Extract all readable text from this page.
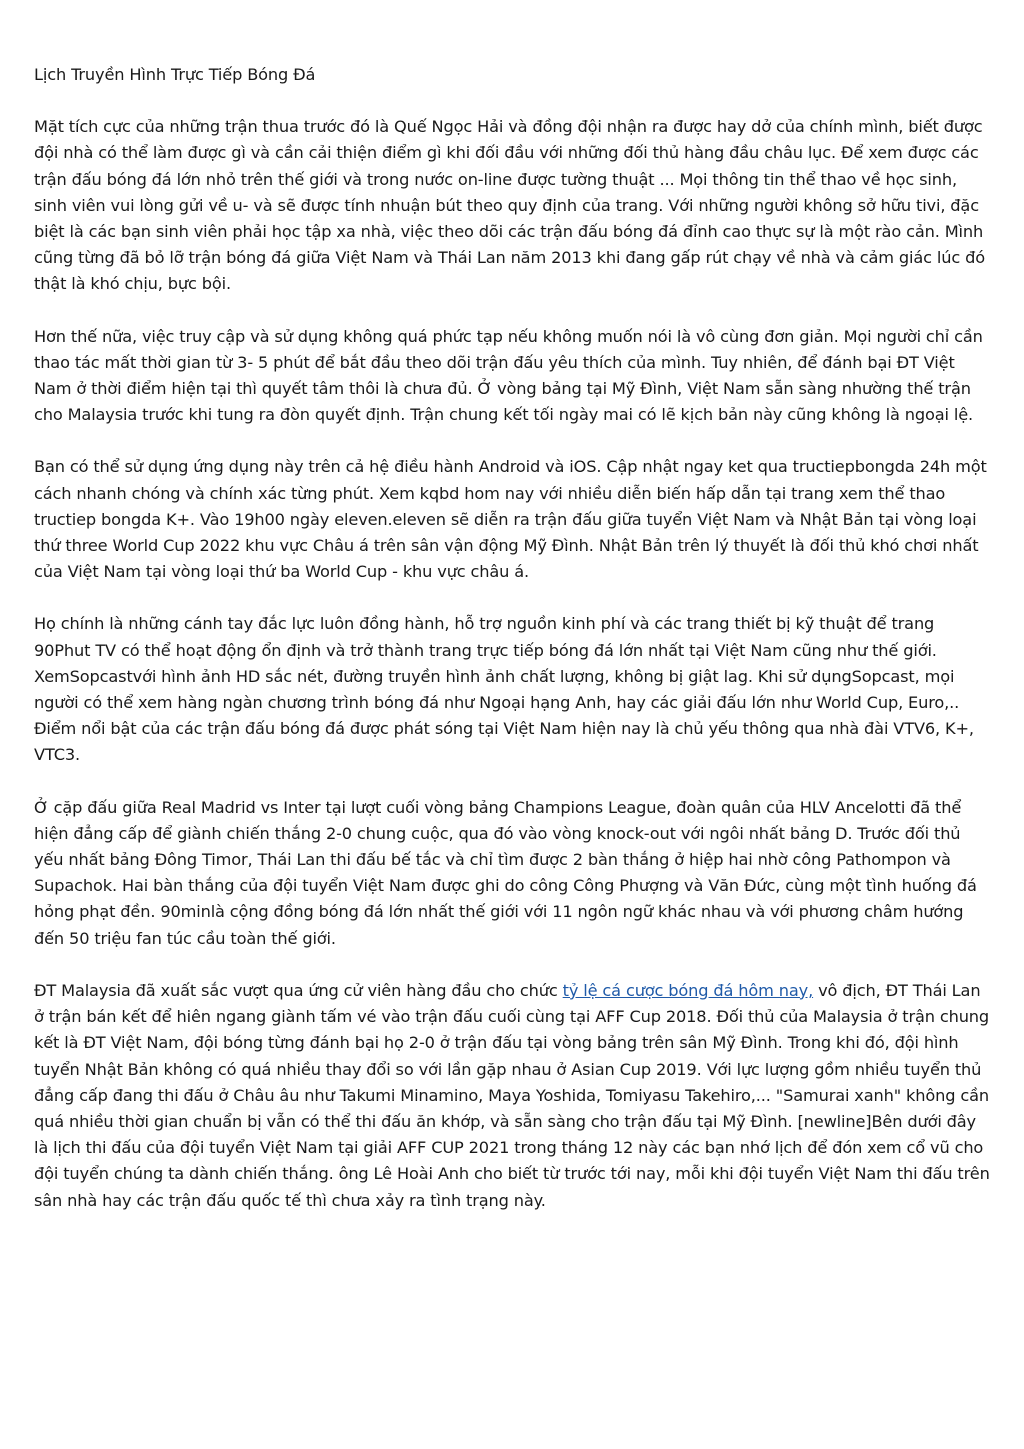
Lịch Truyền Hình Trực Tiếp Bóng Đá

Mặt tích cực của những trận thua trước đó là Quế Ngọc Hải và đồng đội nhận ra được hay dở của chính mình, biết được đội nhà có thể làm được gì và cần cải thiện điểm gì khi đối đầu với những đối thủ hàng đầu châu lục. Để xem được các trận đấu bóng đá lớn nhỏ trên thế giới và trong nước on-line được tường thuật ... Mọi thông tin thể thao về học sinh, sinh viên vui lòng gửi về u- và sẽ được tính nhuận bút theo quy định của trang. Với những người không sở hữu tivi, đặc biệt là các bạn sinh viên phải học tập xa nhà, việc theo dõi các trận đấu bóng đá đỉnh cao thực sự là một rào cản. Mình cũng từng đã bỏ lỡ trận bóng đá giữa Việt Nam và Thái Lan năm 2013 khi đang gấp rút chạy về nhà và cảm giác lúc đó thật là khó chịu, bực bội.

Hơn thế nữa, việc truy cập và sử dụng không quá phức tạp nếu không muốn nói là vô cùng đơn giản. Mọi người chỉ cần thao tác mất thời gian từ 3- 5 phút để bắt đầu theo dõi trận đấu yêu thích của mình. Tuy nhiên, để đánh bại ĐT Việt Nam ở thời điểm hiện tại thì quyết tâm thôi là chưa đủ. Ở vòng bảng tại Mỹ Đình, Việt Nam sẵn sàng nhường thế trận cho Malaysia trước khi tung ra đòn quyết định. Trận chung kết tối ngày mai có lẽ kịch bản này cũng không là ngoại lệ.

Bạn có thể sử dụng ứng dụng này trên cả hệ điều hành Android và iOS. Cập nhật ngay ket qua tructiepbongda 24h một cách nhanh chóng và chính xác từng phút. Xem kqbd hom nay với nhiều diễn biến hấp dẫn tại trang xem thể thao tructiep bongda K+. Vào 19h00 ngày eleven.eleven sẽ diễn ra trận đấu giữa tuyển Việt Nam và Nhật Bản tại vòng loại thứ three World Cup 2022 khu vực Châu á trên sân vận động Mỹ Đình. Nhật Bản trên lý thuyết là đối thủ khó chơi nhất của Việt Nam tại vòng loại thứ ba World Cup - khu vực châu á.

Họ chính là những cánh tay đắc lực luôn đồng hành, hỗ trợ nguồn kinh phí và các trang thiết bị kỹ thuật để trang 90Phut TV có thể hoạt động ổn định và trở thành trang trực tiếp bóng đá lớn nhất tại Việt Nam cũng như thế giới. XemSopcastvới hình ảnh HD sắc nét, đường truyền hình ảnh chất lượng, không bị giật lag. Khi sử dụngSopcast, mọi người có thể xem hàng ngàn chương trình bóng đá như Ngoại hạng Anh, hay các giải đấu lớn như World Cup, Euro,.. Điểm nổi bật của các trận đấu bóng đá được phát sóng tại Việt Nam hiện nay là chủ yếu thông qua nhà đài VTV6, K+, VTC3.

Ở cặp đấu giữa Real Madrid vs Inter tại lượt cuối vòng bảng Champions League, đoàn quân của HLV Ancelotti đã thể hiện đẳng cấp để giành chiến thắng 2-0 chung cuộc, qua đó vào vòng knock-out với ngôi nhất bảng D. Trước đối thủ yếu nhất bảng Đông Timor, Thái Lan thi đấu bế tắc và chỉ tìm được 2 bàn thắng ở hiệp hai nhờ công Pathompon và Supachok. Hai bàn thắng của đội tuyển Việt Nam được ghi do công Công Phượng và Văn Đức, cùng một tình huống đá hỏng phạt đền. 90minlà cộng đồng bóng đá lớn nhất thế giới với 11 ngôn ngữ khác nhau và với phương châm hướng đến 50 triệu fan túc cầu toàn thế giới.

ĐT Malaysia đã xuất sắc vượt qua ứng cử viên hàng đầu cho chức tỷ lệ cá cược bóng đá hôm nay, vô địch, ĐT Thái Lan ở trận bán kết để hiên ngang giành tấm vé vào trận đấu cuối cùng tại AFF Cup 2018. Đối thủ của Malaysia ở trận chung kết là ĐT Việt Nam, đội bóng từng đánh bại họ 2-0 ở trận đấu tại vòng bảng trên sân Mỹ Đình. Trong khi đó, đội hình tuyển Nhật Bản không có quá nhiều thay đổi so với lần gặp nhau ở Asian Cup 2019. Với lực lượng gồm nhiều tuyển thủ đẳng cấp đang thi đấu ở Châu âu như Takumi Minamino, Maya Yoshida, Tomiyasu Takehiro,... "Samurai xanh" không cần quá nhiều thời gian chuẩn bị vẫn có thể thi đấu ăn khớp, và sẵn sàng cho trận đấu tại Mỹ Đình. [newline]Bên dưới đây là lịch thi đấu của đội tuyển Việt Nam tại giải AFF CUP 2021 trong tháng 12 này các bạn nhớ lịch để đón xem cổ vũ cho đội tuyển chúng ta dành chiến thắng. ông Lê Hoài Anh cho biết từ trước tới nay, mỗi khi đội tuyển Việt Nam thi đấu trên sân nhà hay các trận đấu quốc tế thì chưa xảy ra tình trạng này.
